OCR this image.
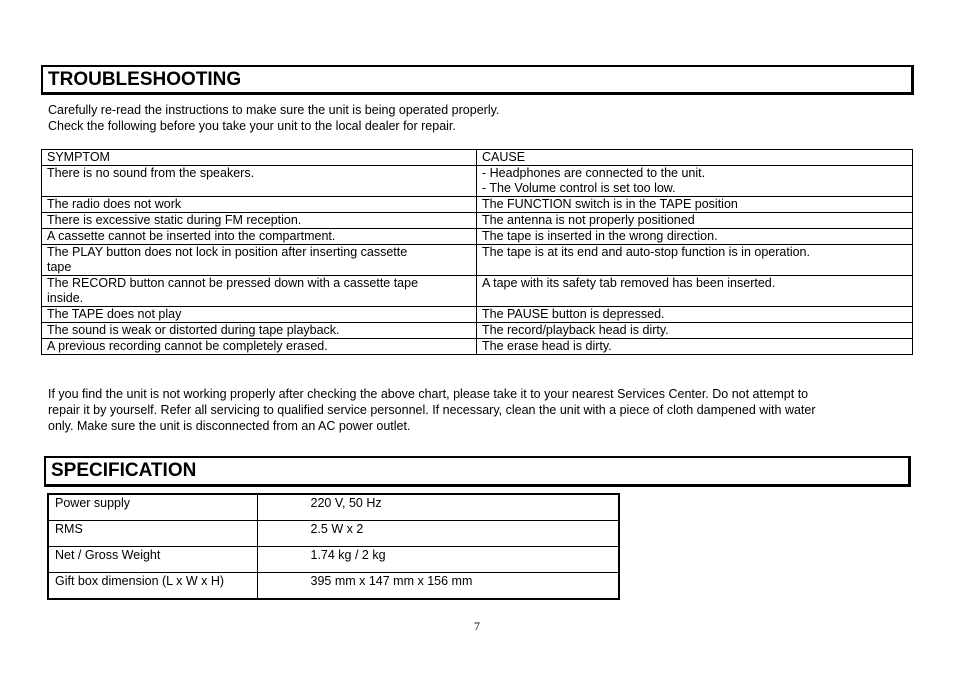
TROUBLESHOOTING
Carefully re-read the instructions to make sure the unit is being operated properly.
Check the following before you take your unit to the local dealer for repair.
SYMPTOM	CAUSE

There is no sound from the speakers.	- Headphones are connected to the unit.
- The Volume control is set too low.

The radio does not work	The FUNCTION switch is in the TAPE position

There is excessive static during FM reception.	The antenna is not properly positioned

A cassette cannot be inserted into the compartment.	The tape is inserted in the wrong direction.

The PLAY button does not lock in position after inserting cassette
tape	The tape is at its end and auto-stop function is in operation.

The RECORD button cannot be pressed down with a cassette tape
inside.	A tape with its safety tab removed has been inserted.

The TAPE does not play	The PAUSE button is depressed.

The sound is weak or distorted during tape playback.	The record/playback head is dirty.

A previous recording cannot be completely erased.	The erase head is dirty.
If you find the unit is not working properly after checking the above chart, please take it to your nearest Services Center. Do not attempt to
repair it by yourself. Refer all servicing to qualified service personnel. If necessary, clean the unit with a piece of cloth dampened with water
only. Make sure the unit is disconnected from an AC power outlet.
SPECIFICATION
Power supply	220 V, 50 Hz
RMS	2.5 W x 2
Net / Gross Weight	1.74 kg / 2 kg
Gift box dimension (L x W x H)	395 mm x 147 mm x 156 mm
7
